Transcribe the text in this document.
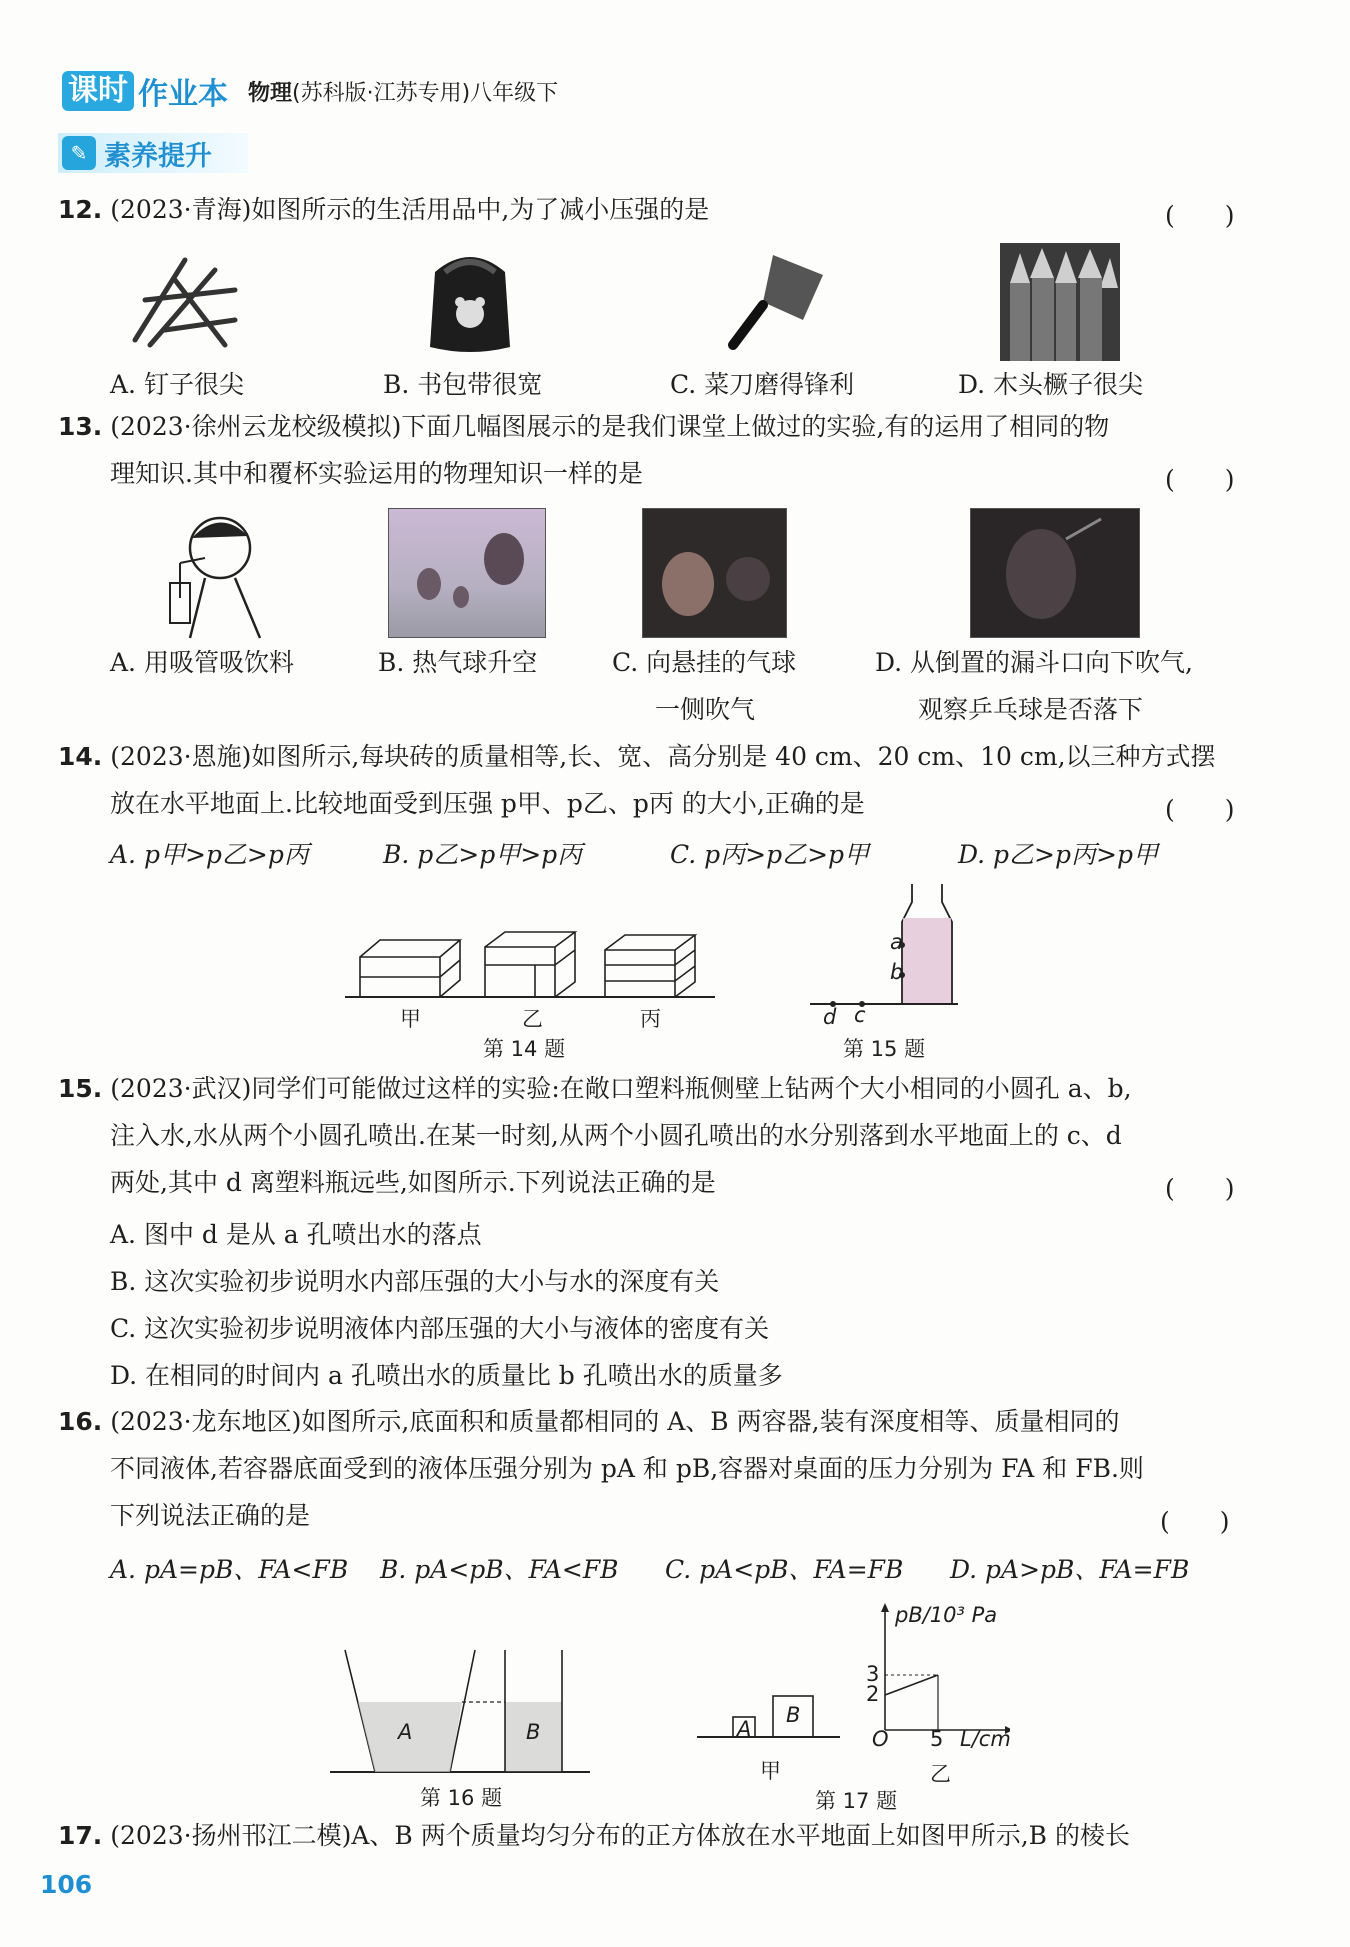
课时 作业本 物理(苏科版·江苏专用)八年级下
✎ 素养提升
12. (2023·青海)如图所示的生活用品中,为了减小压强的是	(　　)
A. 钉子很尖	B. 书包带很宽	C. 菜刀磨得锋利	D. 木头橛子很尖
13. (2023·徐州云龙校级模拟)下面几幅图展示的是我们课堂上做过的实验,有的运用了相同的物
理知识.其中和覆杯实验运用的物理知识一样的是	(　　)
A. 用吸管吸饮料	B. 热气球升空	C. 向悬挂的气球
一侧吹气
D. 从倒置的漏斗口向下吹气,
观察乒乓球是否落下
14. (2023·恩施)如图所示,每块砖的质量相等,长、宽、高分别是 40 cm、20 cm、10 cm,以三种方式摆
放在水平地面上.比较地面受到压强 p甲、p乙、p丙 的大小,正确的是	(　　)
A. p甲>p乙>p丙	B. p乙>p甲>p丙	C. p丙>p乙>p甲	D. p乙>p丙>p甲
甲	乙	丙
第 14 题
a
b
d c
第 15 题
15. (2023·武汉)同学们可能做过这样的实验:在敞口塑料瓶侧壁上钻两个大小相同的小圆孔 a、b,
注入水,水从两个小圆孔喷出.在某一时刻,从两个小圆孔喷出的水分别落到水平地面上的 c、d
两处,其中 d 离塑料瓶远些,如图所示.下列说法正确的是	(　　)
A. 图中 d 是从 a 孔喷出水的落点
B. 这次实验初步说明水内部压强的大小与水的深度有关
C. 这次实验初步说明液体内部压强的大小与液体的密度有关
D. 在相同的时间内 a 孔喷出水的质量比 b 孔喷出水的质量多
16. (2023·龙东地区)如图所示,底面积和质量都相同的 A、B 两容器,装有深度相等、质量相同的
不同液体,若容器底面受到的液体压强分别为 pA 和 pB,容器对桌面的压力分别为 FA 和 FB.则
下列说法正确的是	(　　)
A. pA=pB、FA<FB B. pA<pB、FA<FB C. pA<pB、FA=FB D. pA>pB、FA=FB
A	B
第 16 题
A
B
甲
pB/10³ Pa
3
2
O 5 L/cm
乙
第 17 题
17. (2023·扬州邗江二模)A、B 两个质量均匀分布的正方体放在水平地面上如图甲所示,B 的棱长
106
